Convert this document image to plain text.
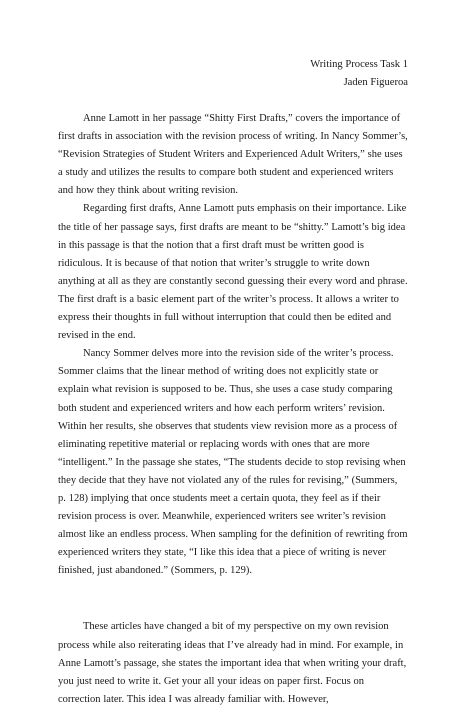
Writing Process Task 1
Jaden Figueroa

Anne Lamott in her passage “Shitty First Drafts,” covers the importance of first drafts in association with the revision process of writing. In Nancy Sommer’s, “Revision Strategies of Student Writers and Experienced Adult Writers,” she uses a study and utilizes the results to compare both student and experienced writers and how they think about writing revision.

Regarding first drafts, Anne Lamott puts emphasis on their importance. Like the title of her passage says, first drafts are meant to be “shitty.” Lamott’s big idea in this passage is that the notion that a first draft must be written good is ridiculous. It is because of that notion that writer’s struggle to write down anything at all as they are constantly second guessing their every word and phrase. The first draft is a basic element part of the writer’s process. It allows a writer to express their thoughts in full without interruption that could then be edited and revised in the end.

Nancy Sommer delves more into the revision side of the writer’s process. Sommer claims that the linear method of writing does not explicitly state or explain what revision is supposed to be. Thus, she uses a case study comparing both student and experienced writers and how each perform writers’ revision. Within her results, she observes that students view revision more as a process of eliminating repetitive material or replacing words with ones that are more “intelligent.” In the passage she states, “The students decide to stop revising when they decide that they have not violated any of the rules for revising,” (Summers, p. 128) implying that once students meet a certain quota, they feel as if their revision process is over. Meanwhile, experienced writers see writer’s revision almost like an endless process. When sampling for the definition of rewriting from experienced writers they state, “I like this idea that a piece of writing is never finished, just abandoned.” (Sommers, p. 129).

These articles have changed a bit of my perspective on my own revision process while also reiterating ideas that I’ve already had in mind. For example, in Anne Lamott’s passage, she states the important idea that when writing your draft, you just need to write it. Get your all your ideas on paper first. Focus on correction later. This idea I was already familiar with. However,
